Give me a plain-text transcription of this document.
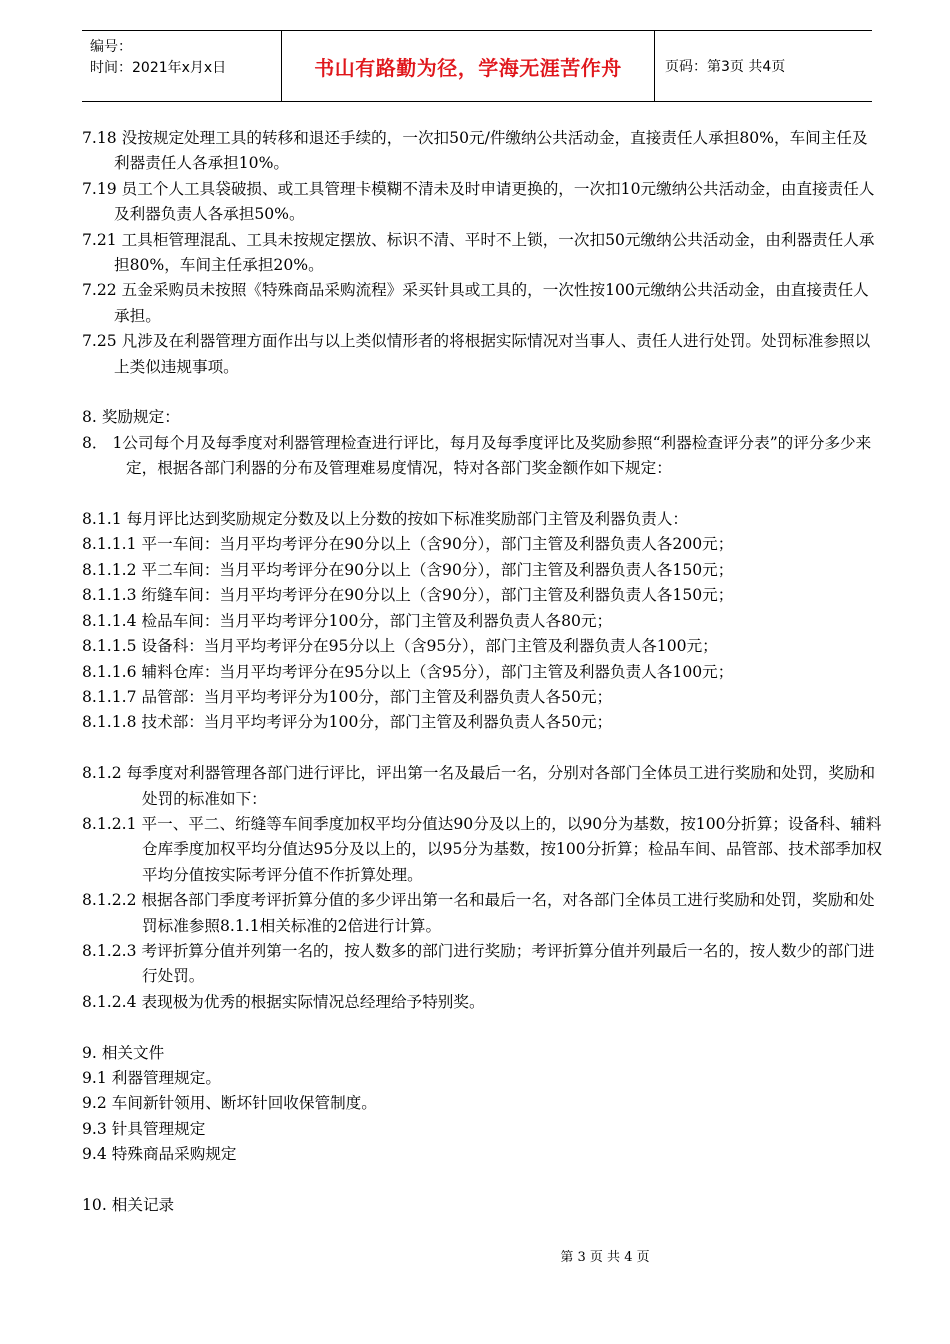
编号：
时间：2021年x月x日	书山有路勤为径，学海无涯苦作舟	页码：第3页 共4页
7.18 没按规定处理工具的转移和退还手续的，一次扣50元/件缴纳公共活动金，直接责任人承担80%，车间主任及利器责任人各承担10%。
7.19 员工个人工具袋破损、或工具管理卡模糊不清未及时申请更换的，一次扣10元缴纳公共活动金，由直接责任人及利器负责人各承担50%。
7.21 工具柜管理混乱、工具未按规定摆放、标识不清、平时不上锁，一次扣50元缴纳公共活动金，由利器责任人承担80%，车间主任承担20%。
7.22 五金采购员未按照《特殊商品采购流程》采买针具或工具的，一次性按100元缴纳公共活动金，由直接责任人承担。
7.25 凡涉及在利器管理方面作出与以上类似情形者的将根据实际情况对当事人、责任人进行处罚。处罚标准参照以上类似违规事项。
8. 奖励规定：
8． 1公司每个月及每季度对利器管理检查进行评比，每月及每季度评比及奖励参照“利器检查评分表”的评分多少来定，根据各部门利器的分布及管理难易度情况，特对各部门奖金额作如下规定：
8.1.1 每月评比达到奖励规定分数及以上分数的按如下标准奖励部门主管及利器负责人：
8.1.1.1 平一车间：当月平均考评分在90分以上（含90分），部门主管及利器负责人各200元；
8.1.1.2 平二车间：当月平均考评分在90分以上（含90分），部门主管及利器负责人各150元；
8.1.1.3 绗缝车间：当月平均考评分在90分以上（含90分），部门主管及利器负责人各150元；
8.1.1.4 检品车间：当月平均考评分100分，部门主管及利器负责人各80元；
8.1.1.5 设备科：当月平均考评分在95分以上（含95分），部门主管及利器负责人各100元；
8.1.1.6 辅料仓库：当月平均考评分在95分以上（含95分），部门主管及利器负责人各100元；
8.1.1.7 品管部：当月平均考评分为100分，部门主管及利器负责人各50元；
8.1.1.8 技术部：当月平均考评分为100分，部门主管及利器负责人各50元；
8.1.2 每季度对利器管理各部门进行评比，评出第一名及最后一名，分别对各部门全体员工进行奖励和处罚，奖励和处罚的标准如下：
8.1.2.1 平一、平二、绗缝等车间季度加权平均分值达90分及以上的，以90分为基数，按100分折算；设备科、辅料仓库季度加权平均分值达95分及以上的，以95分为基数，按100分折算；检品车间、品管部、技术部季加权平均分值按实际考评分值不作折算处理。
8.1.2.2 根据各部门季度考评折算分值的多少评出第一名和最后一名，对各部门全体员工进行奖励和处罚，奖励和处罚标准参照8.1.1相关标准的2倍进行计算。
8.1.2.3 考评折算分值并列第一名的，按人数多的部门进行奖励；考评折算分值并列最后一名的，按人数少的部门进行处罚。
8.1.2.4 表现极为优秀的根据实际情况总经理给予特别奖。
9. 相关文件
9.1 利器管理规定。
9.2 车间新针领用、断坏针回收保管制度。
9.3 针具管理规定
9.4 特殊商品采购规定
10. 相关记录
第 3 页 共 4 页
